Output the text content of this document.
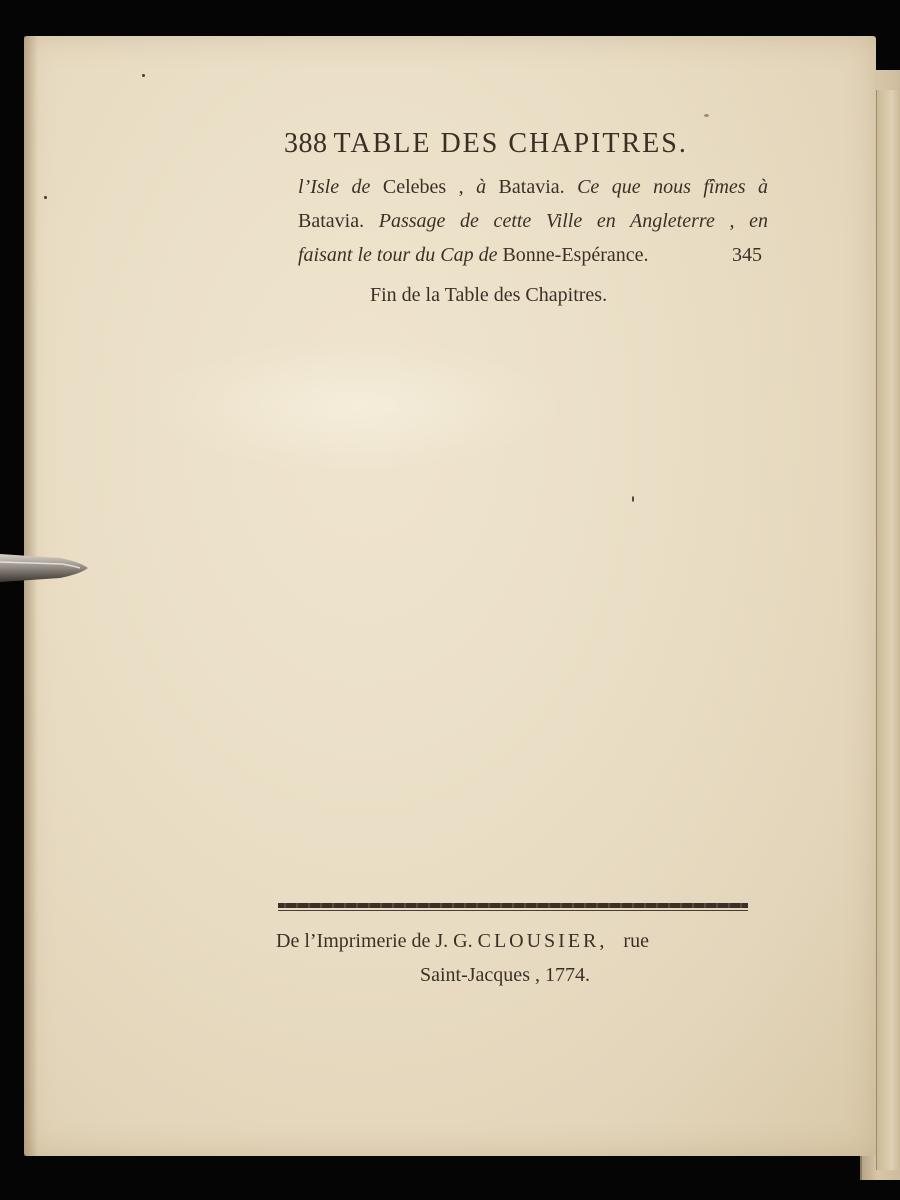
388 TABLE DES CHAPITRES.
l’Isle de Celebes , à Batavia. Ce que nous fîmes à
Batavia. Passage de cette Ville en Angleterre , en
faisant le tour du Cap de Bonne-Espérance.	345
Fin de la Table des Chapitres.
De l’Imprimerie de J. G. CLOUSIER, rue
Saint-Jacques , 1774.
